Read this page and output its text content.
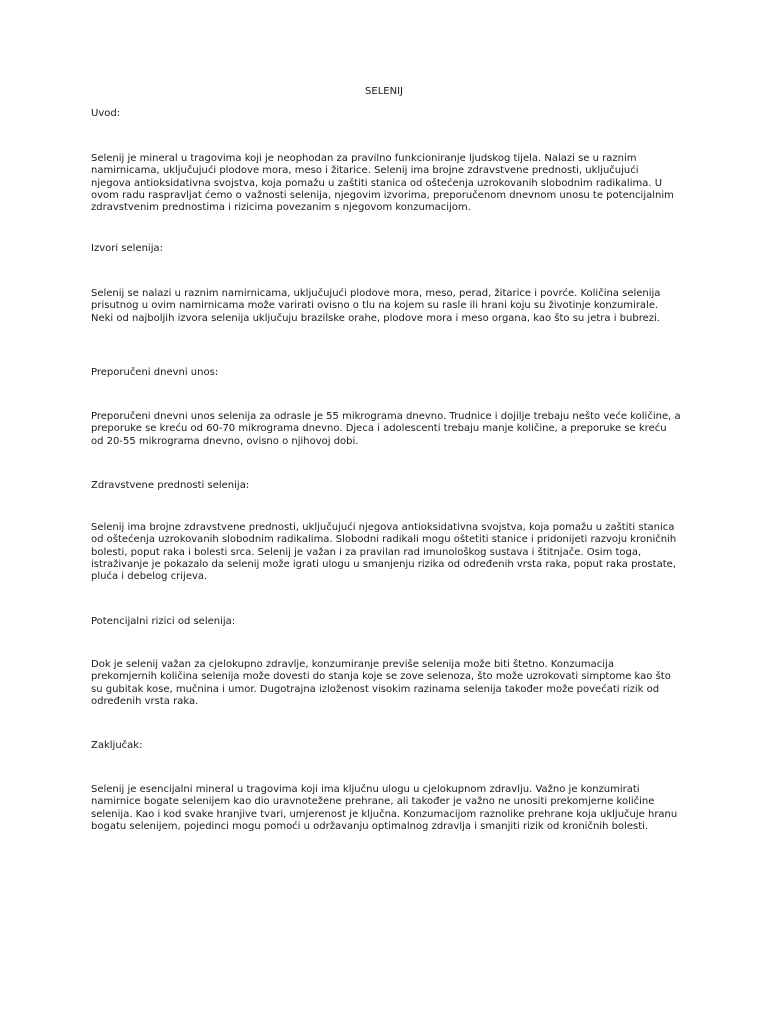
SELENIJ

Uvod:

Selenij je mineral u tragovima koji je neophodan za pravilno funkcioniranje ljudskog tijela. Nalazi se u raznim namirnicama, uključujući plodove mora, meso i žitarice. Selenij ima brojne zdravstvene prednosti, uključujući njegova antioksidativna svojstva, koja pomažu u zaštiti stanica od oštećenja uzrokovanih slobodnim radikalima. U ovom radu raspravljat ćemo o važnosti selenija, njegovim izvorima, preporučenom dnevnom unosu te potencijalnim zdravstvenim prednostima i rizicima povezanim s njegovom konzumacijom.

Izvori selenija:

Selenij se nalazi u raznim namirnicama, uključujući plodove mora, meso, perad, žitarice i povrće. Količina selenija prisutnog u ovim namirnicama može varirati ovisno o tlu na kojem su rasle ili hrani koju su životinje konzumirale. Neki od najboljih izvora selenija uključuju brazilske orahe, plodove mora i meso organa, kao što su jetra i bubrezi.

Preporučeni dnevni unos:

Preporučeni dnevni unos selenija za odrasle je 55 mikrograma dnevno. Trudnice i dojilje trebaju nešto veće količine, a preporuke se kreću od 60-70 mikrograma dnevno. Djeca i adolescenti trebaju manje količine, a preporuke se kreću od 20-55 mikrograma dnevno, ovisno o njihovoj dobi.

Zdravstvene prednosti selenija:

Selenij ima brojne zdravstvene prednosti, uključujući njegova antioksidativna svojstva, koja pomažu u zaštiti stanica od oštećenja uzrokovanih slobodnim radikalima. Slobodni radikali mogu oštetiti stanice i pridonijeti razvoju kroničnih bolesti, poput raka i bolesti srca. Selenij je važan i za pravilan rad imunološkog sustava i štitnjače. Osim toga, istraživanje je pokazalo da selenij može igrati ulogu u smanjenju rizika od određenih vrsta raka, poput raka prostate, pluća i debelog crijeva.

Potencijalni rizici od selenija:

Dok je selenij važan za cjelokupno zdravlje, konzumiranje previše selenija može biti štetno. Konzumacija prekomjernih količina selenija može dovesti do stanja koje se zove selenoza, što može uzrokovati simptome kao što su gubitak kose, mučnina i umor. Dugotrajna izloženost visokim razinama selenija također može povećati rizik od određenih vrsta raka.

Zaključak:

Selenij je esencijalni mineral u tragovima koji ima ključnu ulogu u cjelokupnom zdravlju. Važno je konzumirati namirnice bogate selenijem kao dio uravnotežene prehrane, ali također je važno ne unositi prekomjerne količine selenija. Kao i kod svake hranjive tvari, umjerenost je ključna. Konzumacijom raznolike prehrane koja uključuje hranu bogatu selenijem, pojedinci mogu pomoći u održavanju optimalnog zdravlja i smanjiti rizik od kroničnih bolesti.
